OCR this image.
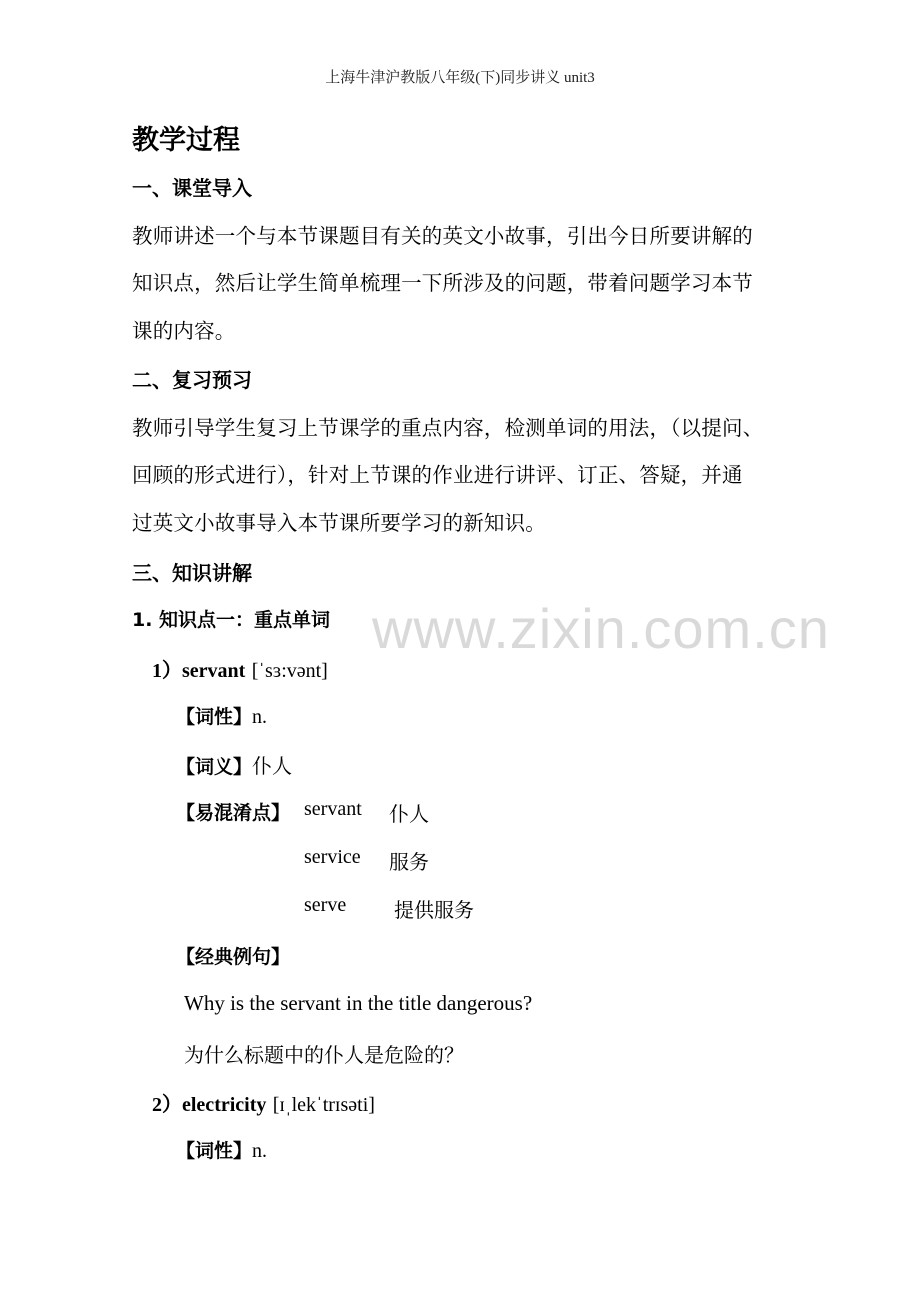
上海牛津沪教版八年级(下)同步讲义 unit3
教学过程
一、课堂导入
教师讲述一个与本节课题目有关的英文小故事，引出今日所要讲解的
知识点，然后让学生简单梳理一下所涉及的问题，带着问题学习本节
课的内容。
二、复习预习
教师引导学生复习上节课学的重点内容，检测单词的用法，（以提问、
回顾的形式进行），针对上节课的作业进行讲评、订正、答疑，并通
过英文小故事导入本节课所要学习的新知识。
三、知识讲解
1. 知识点一：重点单词
1）servant [ˈsɜ:vənt]
【词性】n.
【词义】仆人
【易混淆点】 servant 仆人
service 服务
serve 提供服务
【经典例句】
Why is the servant in the title dangerous?
为什么标题中的仆人是危险的？
2）electricity [ɪˌlekˈtrɪsəti]
【词性】n.
www.zixin.com.cn
